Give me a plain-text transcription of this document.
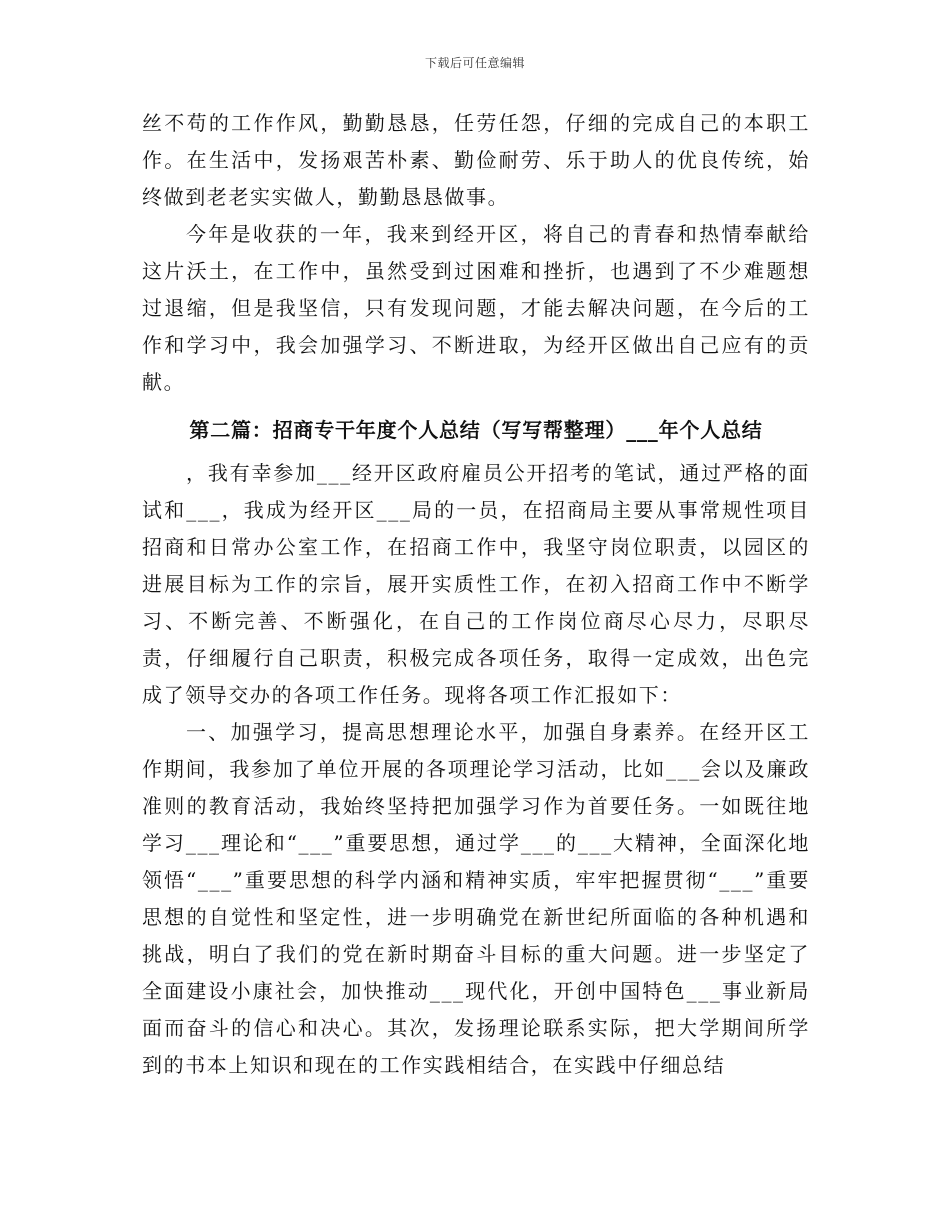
下载后可任意编辑

丝不苟的工作作风，勤勤恳恳，任劳任怨，仔细的完成自己的本职工作。在生活中，发扬艰苦朴素、勤俭耐劳、乐于助人的优良传统，始终做到老老实实做人，勤勤恳恳做事。

今年是收获的一年，我来到经开区，将自己的青春和热情奉献给这片沃土，在工作中，虽然受到过困难和挫折，也遇到了不少难题想过退缩，但是我坚信，只有发现问题，才能去解决问题，在今后的工作和学习中，我会加强学习、不断进取，为经开区做出自己应有的贡献。

第二篇：招商专干年度个人总结（写写帮整理）___年个人总结

，我有幸参加___经开区政府雇员公开招考的笔试，通过严格的面试和___，我成为经开区___局的一员，在招商局主要从事常规性项目招商和日常办公室工作，在招商工作中，我坚守岗位职责，以园区的进展目标为工作的宗旨，展开实质性工作，在初入招商工作中不断学习、不断完善、不断强化，在自己的工作岗位商尽心尽力，尽职尽责，仔细履行自己职责，积极完成各项任务，取得一定成效，出色完成了领导交办的各项工作任务。现将各项工作汇报如下：

一、加强学习，提高思想理论水平，加强自身素养。在经开区工作期间，我参加了单位开展的各项理论学习活动，比如___会以及廉政准则的教育活动，我始终坚持把加强学习作为首要任务。一如既往地学习___理论和“___”重要思想，通过学___的___大精神，全面深化地领悟“___”重要思想的科学内涵和精神实质，牢牢把握贯彻“___”重要思想的自觉性和坚定性，进一步明确党在新世纪所面临的各种机遇和挑战，明白了我们的党在新时期奋斗目标的重大问题。进一步坚定了全面建设小康社会，加快推动___现代化，开创中国特色___事业新局面而奋斗的信心和决心。其次，发扬理论联系实际，把大学期间所学到的书本上知识和现在的工作实践相结合，在实践中仔细总结
